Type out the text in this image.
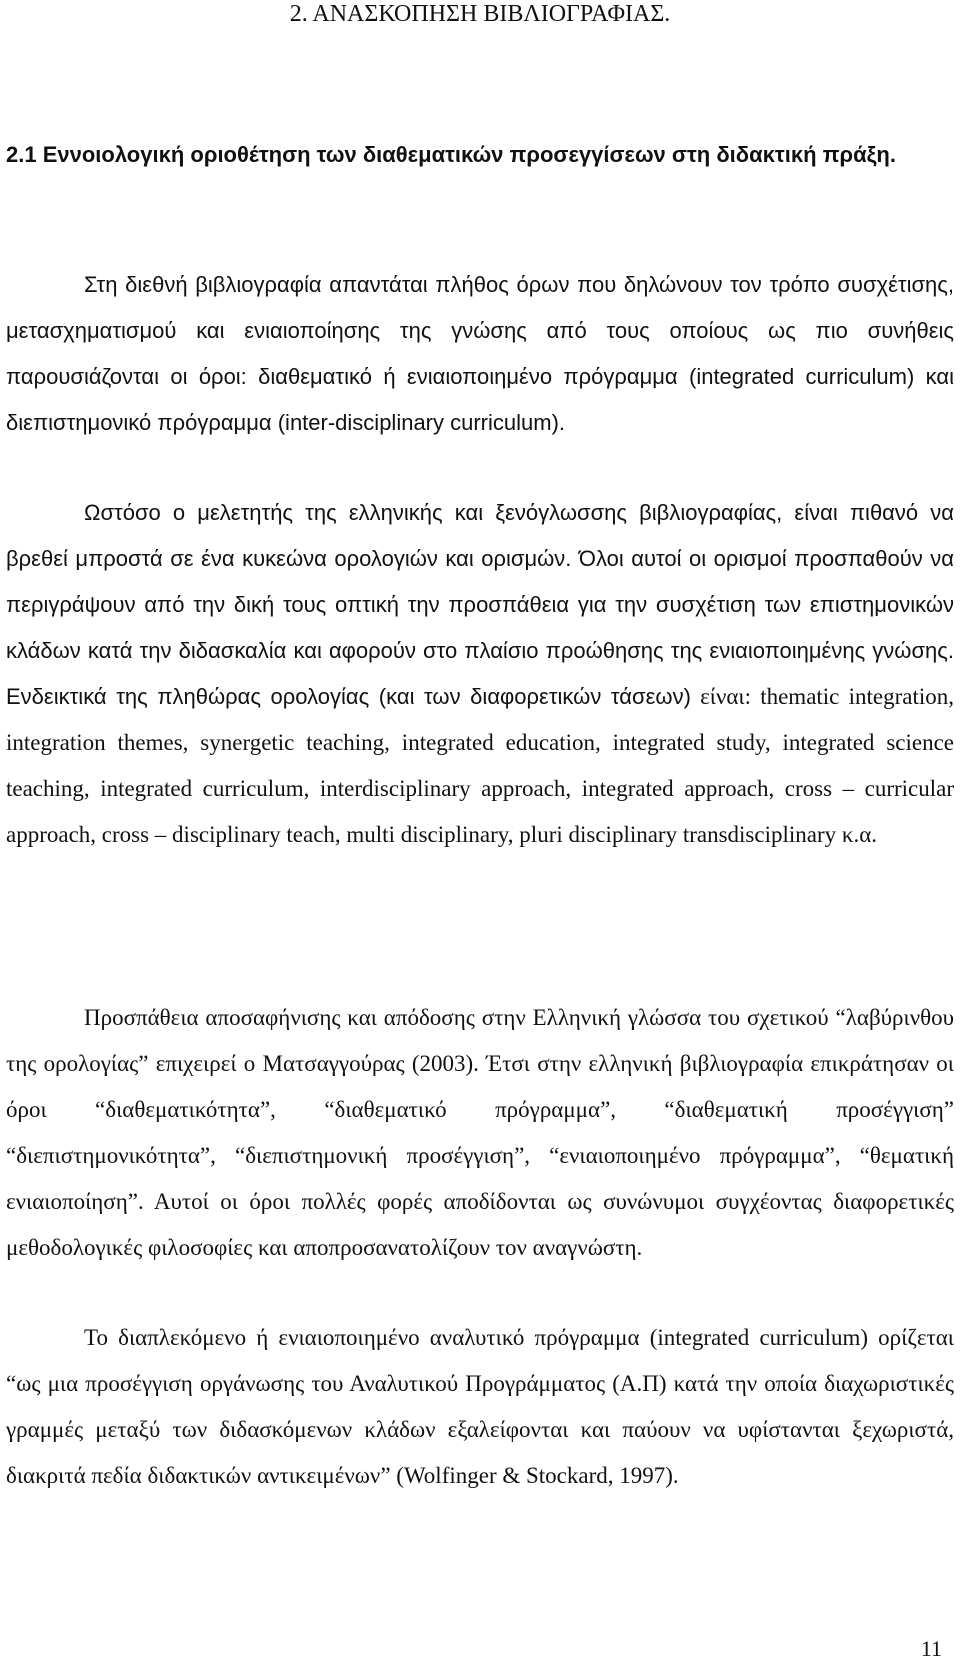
2. ΑΝΑΣΚΟΠΗΣΗ ΒΙΒΛΙΟΓΡΑΦΙΑΣ.
2.1 Εννοιολογική οριοθέτηση των διαθεματικών προσεγγίσεων στη διδακτική πράξη.

Στη διεθνή βιβλιογραφία απαντάται πλήθος όρων που δηλώνουν τον τρόπο συσχέτισης, μετασχηματισμού και ενιαιοποίησης της γνώσης από τους οποίους ως πιο συνήθεις παρουσιάζονται οι όροι: διαθεματικό ή ενιαιοποιημένο πρόγραμμα (integrated curriculum) και διεπιστημονικό πρόγραμμα (inter-disciplinary curriculum).

Ωστόσο ο μελετητής της ελληνικής και ξενόγλωσσης βιβλιογραφίας, είναι πιθανό να βρεθεί μπροστά σε ένα κυκεώνα ορολογιών και ορισμών. Όλοι αυτοί οι ορισμοί προσπαθούν να περιγράψουν από την δική τους οπτική την προσπάθεια για την συσχέτιση των επιστημονικών κλάδων κατά την διδασκαλία και αφορούν στο πλαίσιο προώθησης της ενιαιοποιημένης γνώσης. Ενδεικτικά της πληθώρας ορολογίας (και των διαφορετικών τάσεων) είναι: thematic integration, integration themes, synergetic teaching, integrated education, integrated study, integrated science teaching, integrated curriculum, interdisciplinary approach, integrated approach, cross – curricular approach, cross – disciplinary teach, multi disciplinary, pluri disciplinary transdisciplinary κ.α.

Προσπάθεια αποσαφήνισης και απόδοσης στην Ελληνική γλώσσα του σχετικού “λαβύρινθου της ορολογίας” επιχειρεί ο Ματσαγγούρας (2003). Έτσι στην ελληνική βιβλιογραφία επικράτησαν οι όροι “διαθεματικότητα”, “διαθεματικό πρόγραμμα”, “διαθεματική προσέγγιση” “διεπιστημονικότητα”, “διεπιστημονική προσέγγιση”, “ενιαιοποιημένο πρόγραμμα”, “θεματική ενιαιοποίηση”. Αυτοί οι όροι πολλές φορές αποδίδονται ως συνώνυμοι συγχέοντας διαφορετικές μεθοδολογικές φιλοσοφίες και αποπροσανατολίζουν τον αναγνώστη.

Το διαπλεκόμενο ή ενιαιοποιημένο αναλυτικό πρόγραμμα (integrated curriculum) ορίζεται “ως μια προσέγγιση οργάνωσης του Αναλυτικού Προγράμματος (Α.Π) κατά την οποία διαχωριστικές γραμμές μεταξύ των διδασκόμενων κλάδων εξαλείφονται και παύουν να υφίστανται ξεχωριστά, διακριτά πεδία διδακτικών αντικειμένων” (Wolfinger & Stockard, 1997).

11
